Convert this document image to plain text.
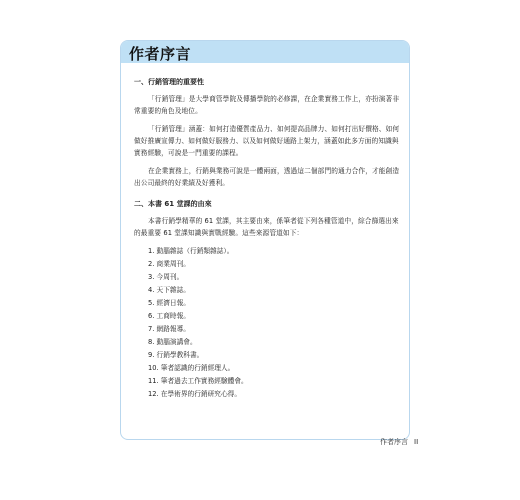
作者序言

一、行銷管理的重要性

「行銷管理」是大學商管學院及傳播學院的必修課，在企業實務工作上，亦扮演著非常重要的角色及地位。

「行銷管理」涵蓋：如何打造優質產品力、如何提高品牌力、如何打出好價格、如何做好推廣宣傳力、如何做好服務力、以及如何做好通路上架力，涵蓋如此多方面的知識與實務經驗，可說是一門重要的課程。

在企業實務上，行銷與業務可說是一體兩面，透過這二個部門的通力合作，才能創造出公司最終的好業績及好獲利。

二、本書 61 堂課的由來

本書行銷學精華的 61 堂課，其主要由來，係筆者從下列各種管道中，綜合篩選出來的最重要 61 堂課知識與實戰經驗。這些來源管道如下：

1. 動腦雜誌（行銷類雜誌）。
2. 商業周刊。
3. 今周刊。
4. 天下雜誌。
5. 經濟日報。
6. 工商時報。
7. 網路報導。
8. 動腦演講會。
9. 行銷學教科書。
10. 筆者認識的行銷經理人。
11. 筆者過去工作實務經驗體會。
12. 在學術界的行銷研究心得。
作者序言 II
